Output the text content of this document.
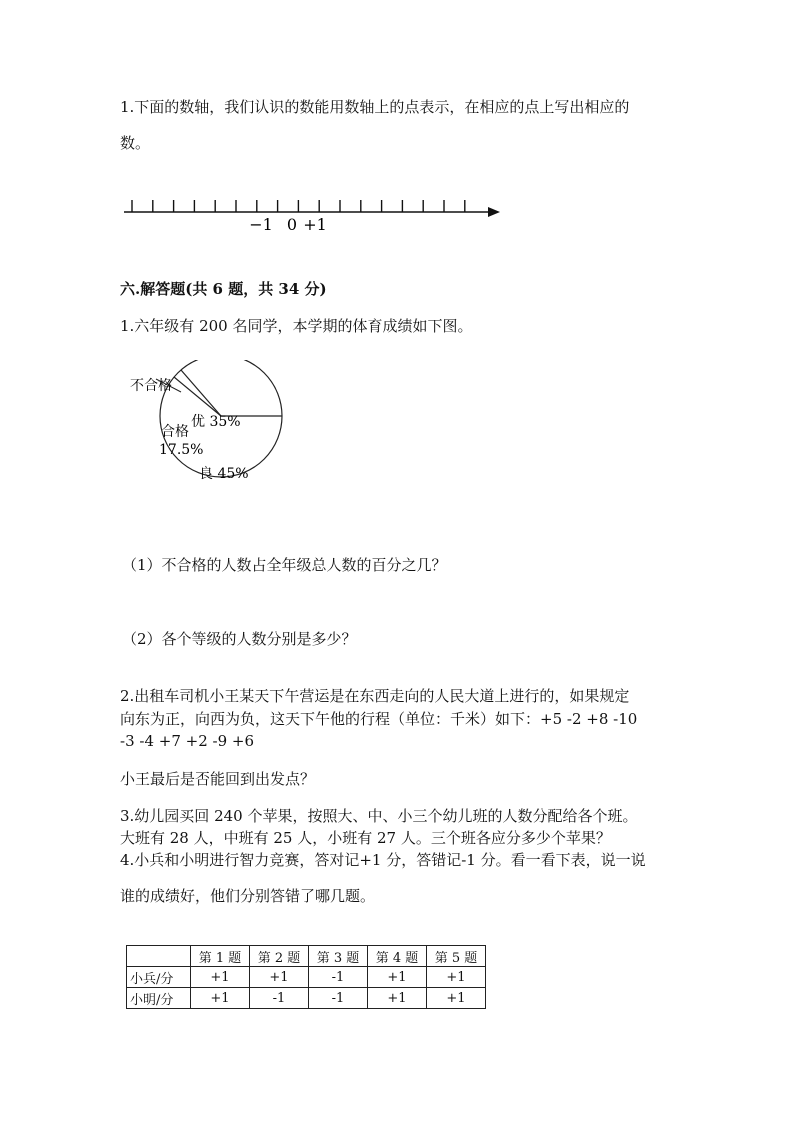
1.下面的数轴，我们认识的数能用数轴上的点表示，在相应的点上写出相应的
数。
−1 0 +1
六.解答题(共 6 题，共 34 分)
1.六年级有 200 名同学，本学期的体育成绩如下图。
不合格
优 35%
合格
17.5%
良 45%
（1）不合格的人数占全年级总人数的百分之几？
（2）各个等级的人数分别是多少？
2.出租车司机小王某天下午营运是在东西走向的人民大道上进行的，如果规定
向东为正，向西为负，这天下午他的行程（单位：千米）如下：+5 -2 +8 -10
-3 -4 +7 +2 -9 +6
小王最后是否能回到出发点？
3.幼儿园买回 240 个苹果，按照大、中、小三个幼儿班的人数分配给各个班。
大班有 28 人，中班有 25 人，小班有 27 人。三个班各应分多少个苹果？
4.小兵和小明进行智力竞赛，答对记+1 分，答错记-1 分。看一看下表，说一说
谁的成绩好，他们分别答错了哪几题。
	第 1 题	第 2 题	第 3 题	第 4 题	第 5 题
小兵/分	+1	+1	-1	+1	+1
小明/分	+1	-1	-1	+1	+1
